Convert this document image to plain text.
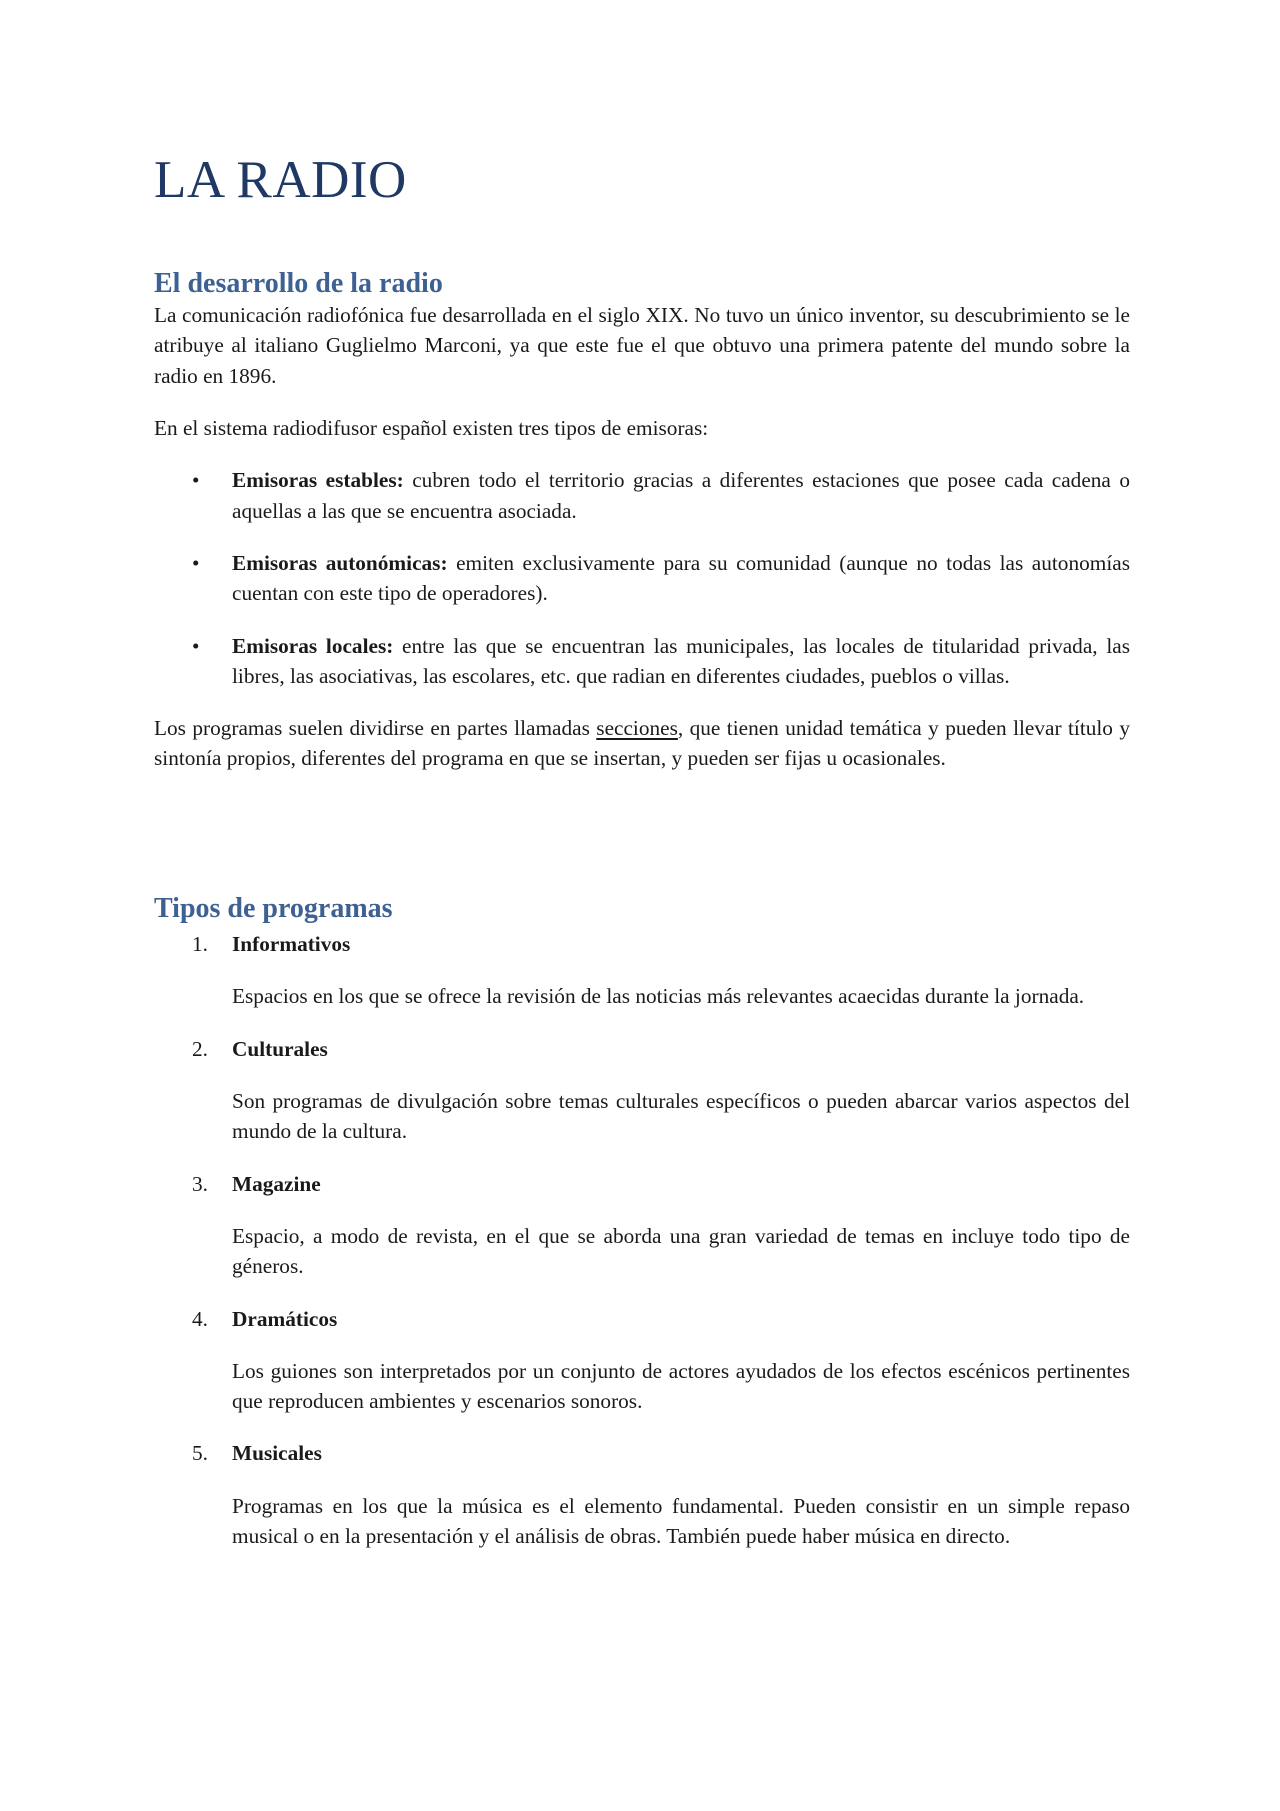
LA RADIO
El desarrollo de la radio

La comunicación radiofónica fue desarrollada en el siglo XIX. No tuvo un único inventor, su descubrimiento se le atribuye al italiano Guglielmo Marconi, ya que este fue el que obtuvo una primera patente del mundo sobre la radio en 1896.

En el sistema radiodifusor español existen tres tipos de emisoras:

• Emisoras estables: cubren todo el territorio gracias a diferentes estaciones que posee cada cadena o aquellas a las que se encuentra asociada.

• Emisoras autonómicas: emiten exclusivamente para su comunidad (aunque no todas las autonomías cuentan con este tipo de operadores).

• Emisoras locales: entre las que se encuentran las municipales, las locales de titularidad privada, las libres, las asociativas, las escolares, etc. que radian en diferentes ciudades, pueblos o villas.

Los programas suelen dividirse en partes llamadas secciones, que tienen unidad temática y pueden llevar título y sintonía propios, diferentes del programa en que se insertan, y pueden ser fijas u ocasionales.

Tipos de programas
1. Informativos

Espacios en los que se ofrece la revisión de las noticias más relevantes acaecidas durante la jornada.

2. Culturales

Son programas de divulgación sobre temas culturales específicos o pueden abarcar varios aspectos del mundo de la cultura.

3. Magazine

Espacio, a modo de revista, en el que se aborda una gran variedad de temas en incluye todo tipo de géneros.

4. Dramáticos

Los guiones son interpretados por un conjunto de actores ayudados de los efectos escénicos pertinentes que reproducen ambientes y escenarios sonoros.

5. Musicales

Programas en los que la música es el elemento fundamental. Pueden consistir en un simple repaso musical o en la presentación y el análisis de obras. También puede haber música en directo.
